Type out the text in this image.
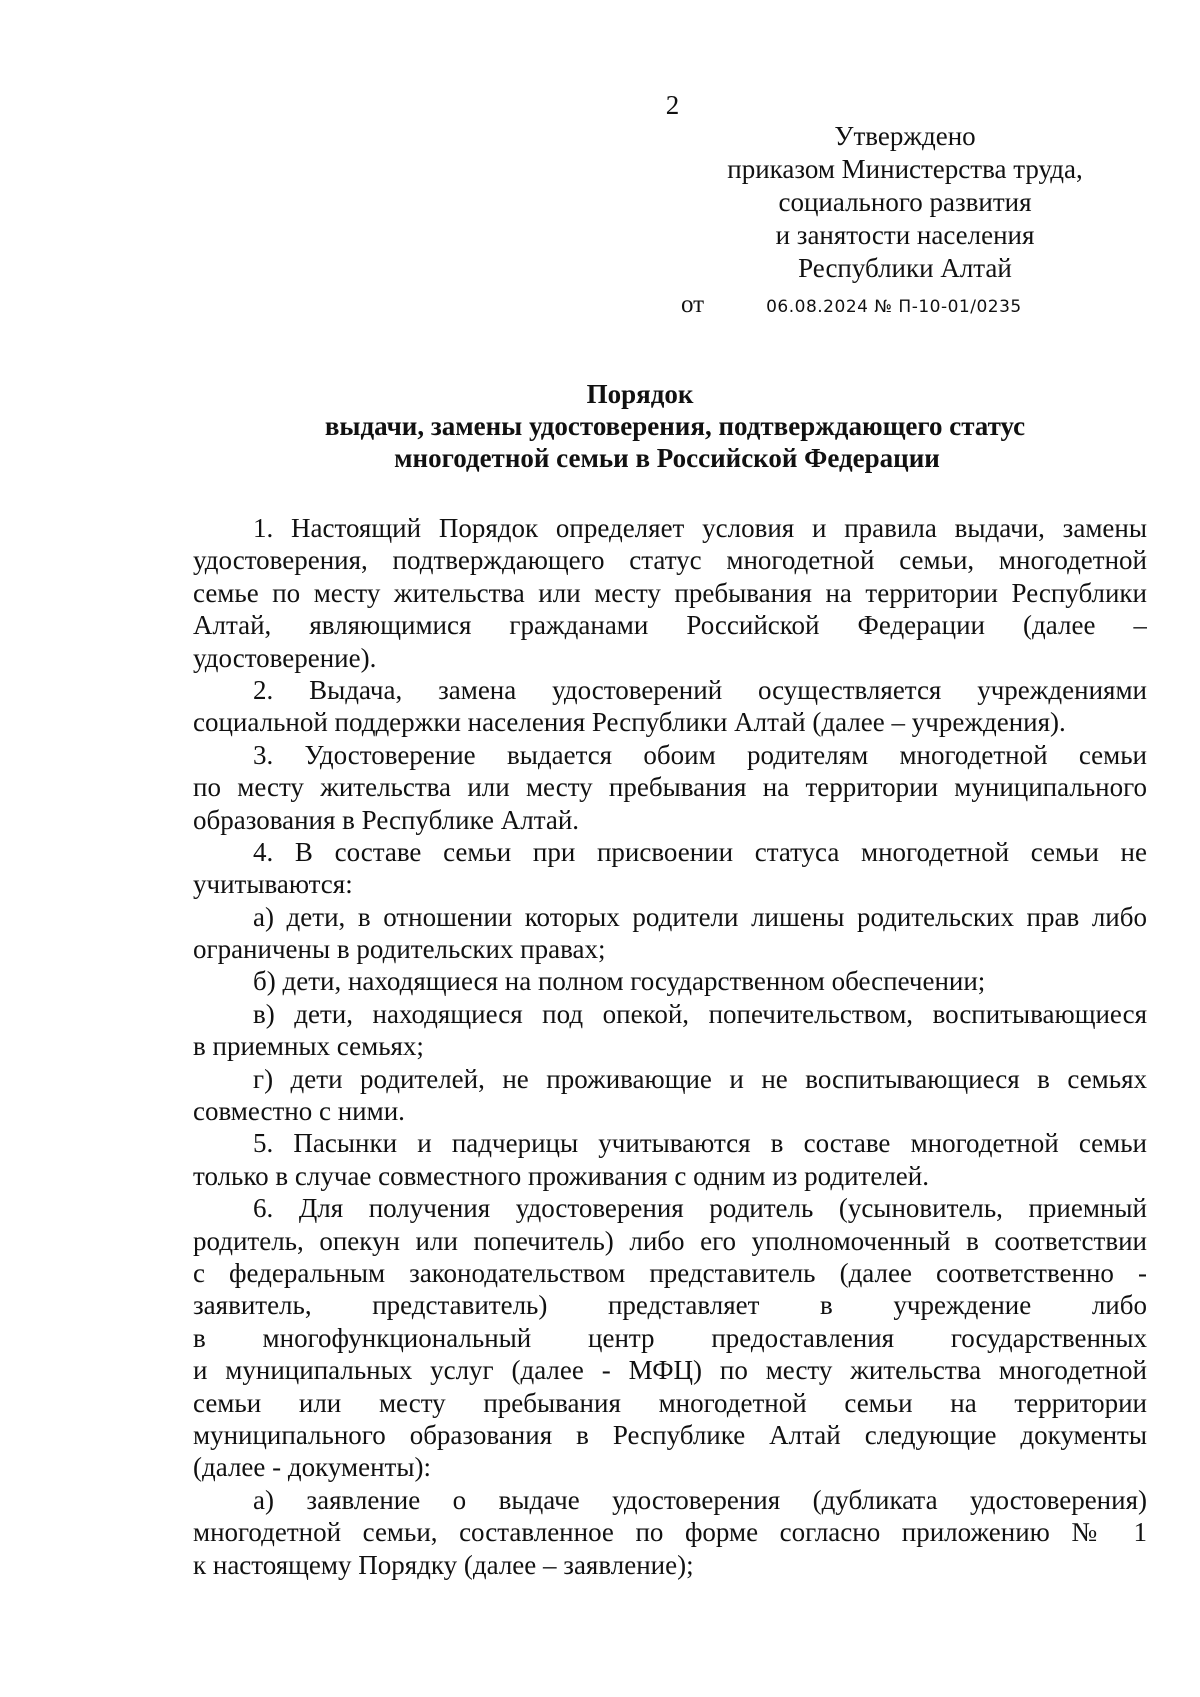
2
Утверждено
приказом Министерства труда,
социального развития
и занятости населения
Республики Алтай
от	06.08.2024 № П-10-01/0235
Порядок
выдачи, замены удостоверения, подтверждающего статус
многодетной семьи в Российской Федерации
1. Настоящий Порядок определяет условия и правила выдачи, замены
удостоверения, подтверждающего статус многодетной семьи, многодетной
семье по месту жительства или месту пребывания на территории Республики
Алтай, являющимися гражданами Российской Федерации (далее –
удостоверение).
2. Выдача, замена удостоверений осуществляется учреждениями
социальной поддержки населения Республики Алтай (далее – учреждения).
3. Удостоверение выдается обоим родителям многодетной семьи
по месту жительства или месту пребывания на территории муниципального
образования в Республике Алтай.
4. В составе семьи при присвоении статуса многодетной семьи не
учитываются:
а) дети, в отношении которых родители лишены родительских прав либо
ограничены в родительских правах;
б) дети, находящиеся на полном государственном обеспечении;
в) дети, находящиеся под опекой, попечительством, воспитывающиеся
в приемных семьях;
г) дети родителей, не проживающие и не воспитывающиеся в семьях
совместно с ними.
5. Пасынки и падчерицы учитываются в составе многодетной семьи
только в случае совместного проживания с одним из родителей.
6. Для получения удостоверения родитель (усыновитель, приемный
родитель, опекун или попечитель) либо его уполномоченный в соответствии
с федеральным законодательством представитель (далее соответственно -
заявитель, представитель) представляет в учреждение либо
в многофункциональный центр предоставления государственных
и муниципальных услуг (далее - МФЦ) по месту жительства многодетной
семьи или месту пребывания многодетной семьи на территории
муниципального образования в Республике Алтай следующие документы
(далее - документы):
а) заявление о выдаче удостоверения (дубликата удостоверения)
многодетной семьи, составленное по форме согласно приложению № 1
к настоящему Порядку (далее – заявление);
